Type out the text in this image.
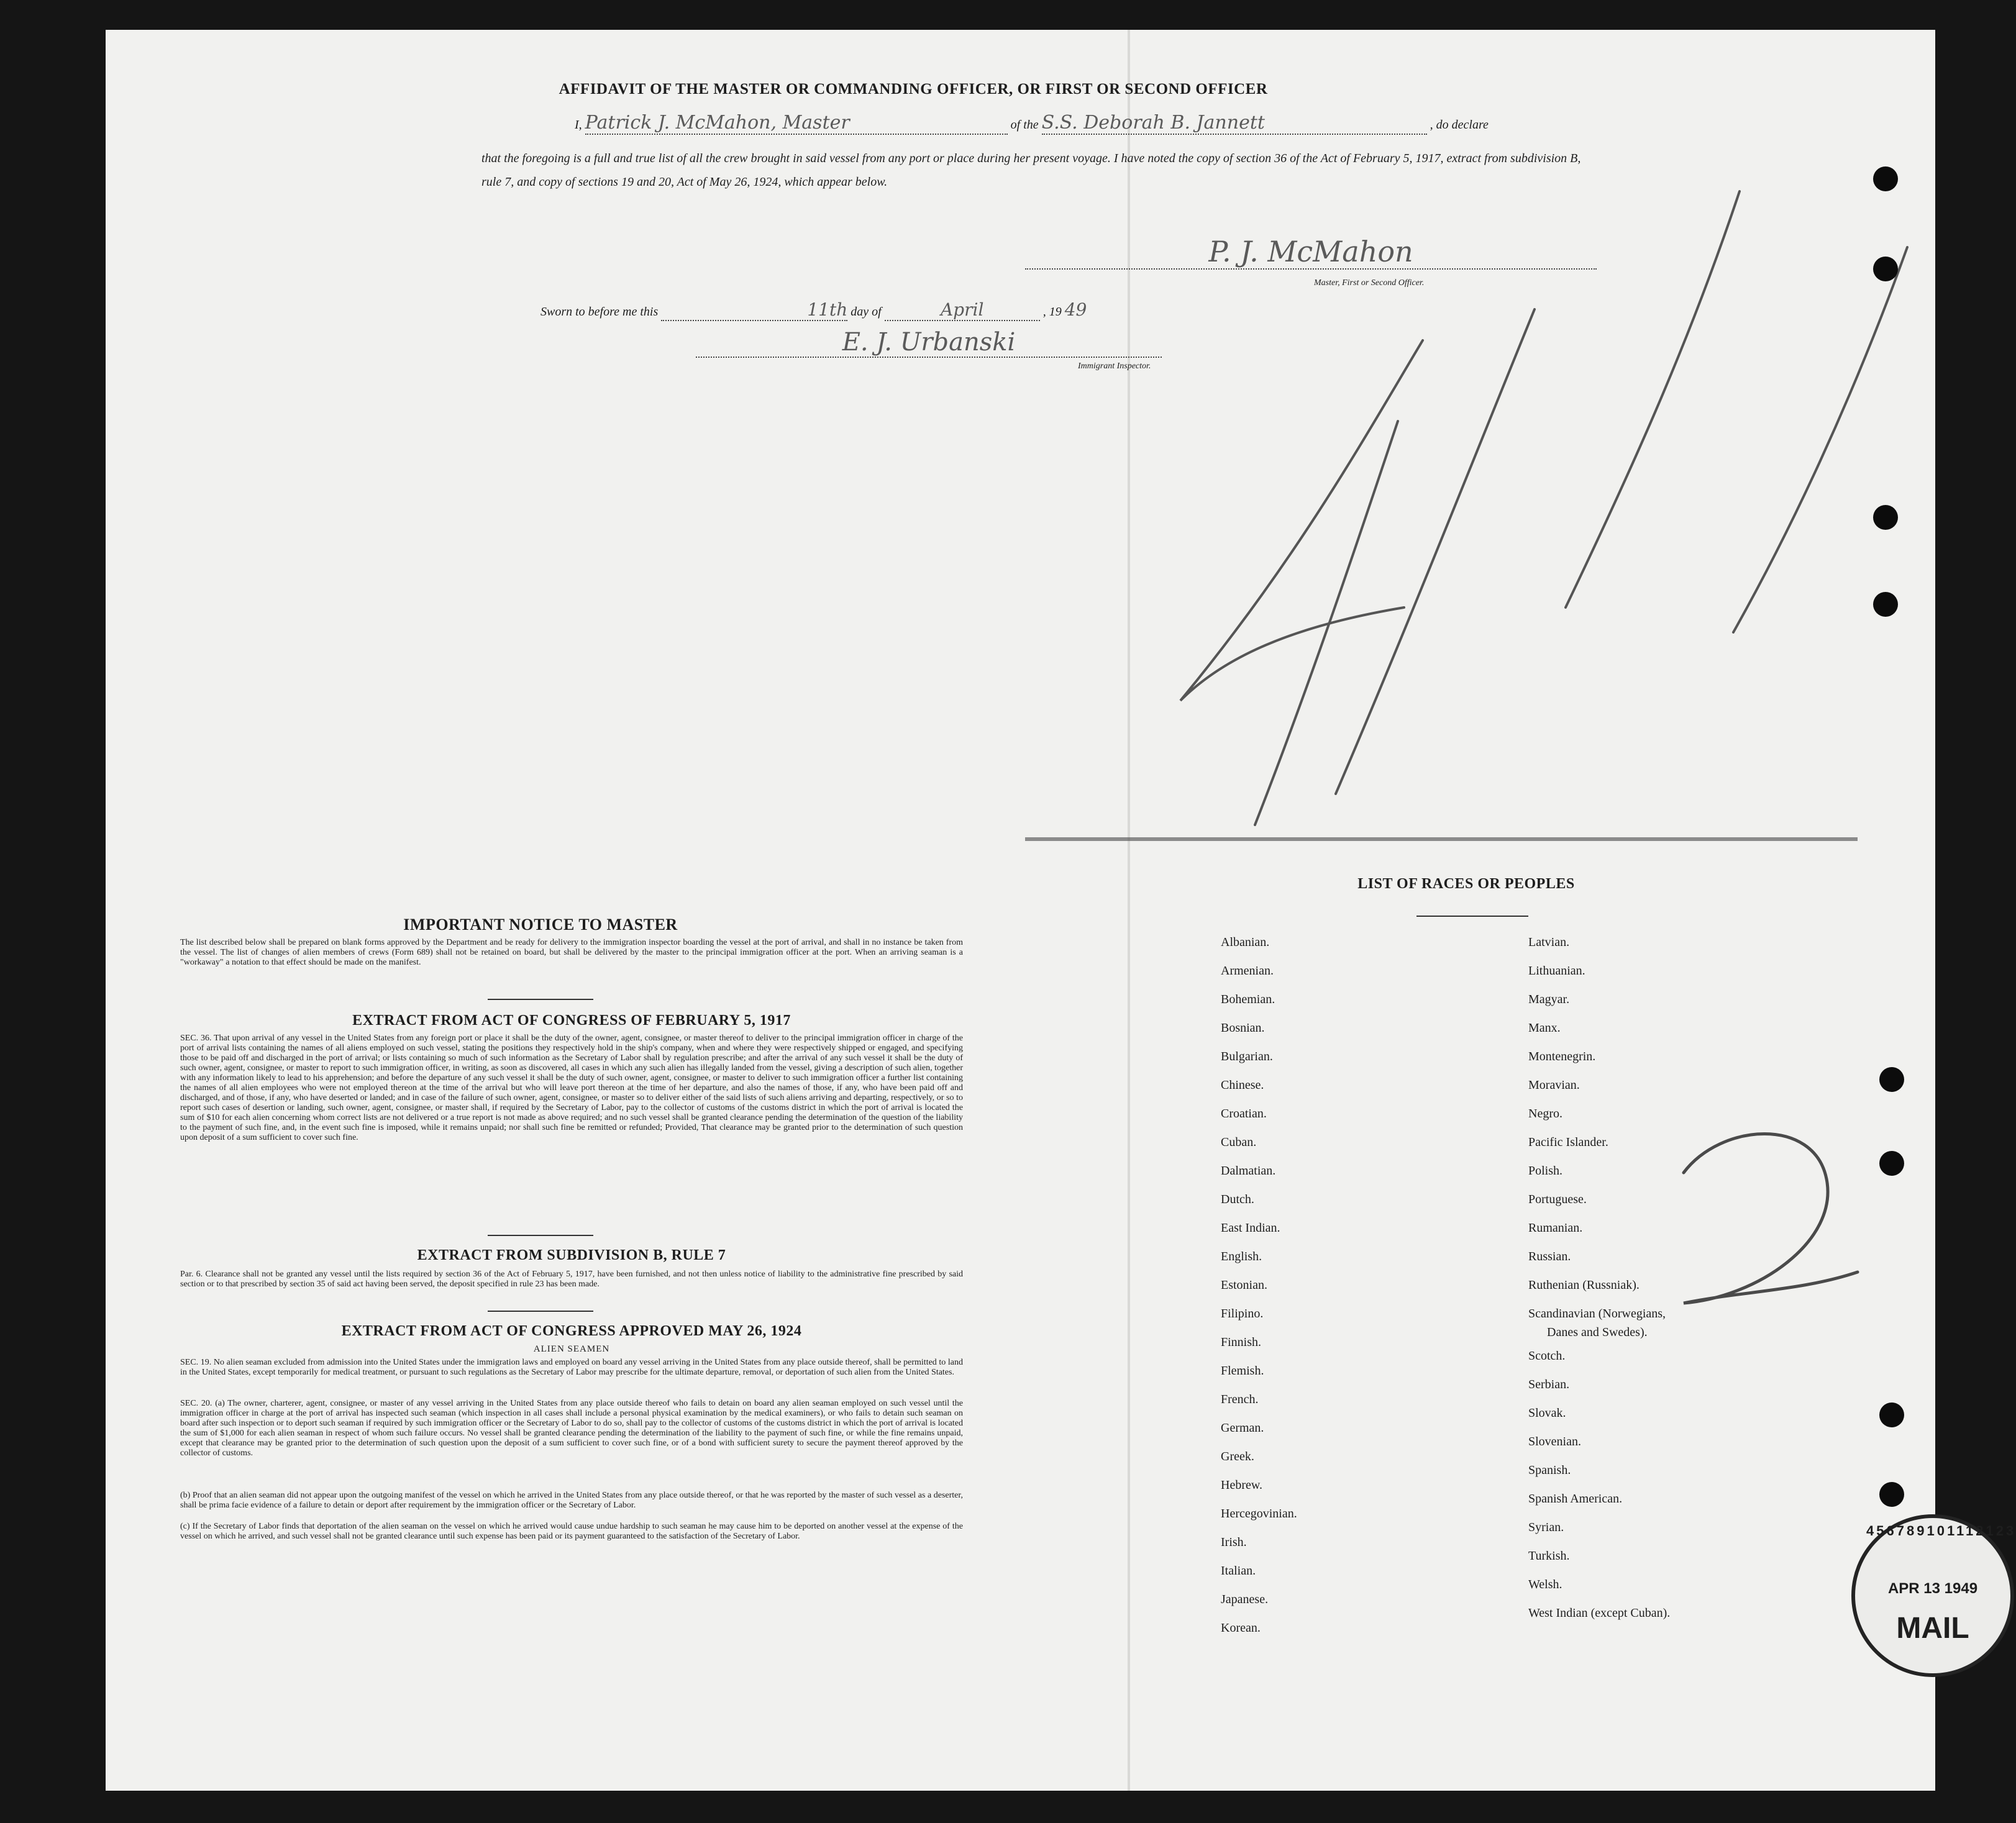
AFFIDAVIT OF THE MASTER OR COMMANDING OFFICER, OR FIRST OR SECOND OFFICER
I, Patrick J. McMahon, Master	of the S.S. Deborah B. Jannett	, do declare
that the foregoing is a full and true list of all the crew brought in said vessel from any port or place during her present voyage. I have noted the copy of section 36 of the Act of February 5, 1917, extract from subdivision B, rule 7, and copy of sections 19 and 20, Act of May 26, 1924, which appear below.
P. J. McMahon
Master, First or Second Officer.
Sworn to before me this	11th day of	April	, 19 49
E. J. Urbanski
Immigrant Inspector.
4111
IMPORTANT NOTICE TO MASTER
The list described below shall be prepared on blank forms approved by the Department and be ready for delivery to the immigration inspector boarding the vessel at the port of arrival, and shall in no instance be taken from the vessel. The list of changes of alien members of crews (Form 689) shall not be retained on board, but shall be delivered by the master to the principal immigration officer at the port. When an arriving seaman is a "workaway" a notation to that effect should be made on the manifest.
EXTRACT FROM ACT OF CONGRESS OF FEBRUARY 5, 1917
SEC. 36. That upon arrival of any vessel in the United States from any foreign port or place it shall be the duty of the owner, agent, consignee, or master thereof to deliver to the principal immigration officer in charge of the port of arrival lists containing the names of all aliens employed on such vessel, stating the positions they respectively hold in the ship's company, when and where they were respectively shipped or engaged, and specifying those to be paid off and discharged in the port of arrival; or lists containing so much of such information as the Secretary of Labor shall by regulation prescribe; and after the arrival of any such vessel it shall be the duty of such owner, agent, consignee, or master to report to such immigration officer, in writing, as soon as discovered, all cases in which any such alien has illegally landed from the vessel, giving a description of such alien, together with any information likely to lead to his apprehension; and before the departure of any such vessel it shall be the duty of such owner, agent, consignee, or master to deliver to such immigration officer a further list containing the names of all alien employees who were not employed thereon at the time of the arrival but who will leave port thereon at the time of her departure, and also the names of those, if any, who have been paid off and discharged, and of those, if any, who have deserted or landed; and in case of the failure of such owner, agent, consignee, or master so to deliver either of the said lists of such aliens arriving and departing, respectively, or so to report such cases of desertion or landing, such owner, agent, consignee, or master shall, if required by the Secretary of Labor, pay to the collector of customs of the customs district in which the port of arrival is located the sum of $10 for each alien concerning whom correct lists are not delivered or a true report is not made as above required; and no such vessel shall be granted clearance pending the determination of the question of the liability to the payment of such fine, and, in the event such fine is imposed, while it remains unpaid; nor shall such fine be remitted or refunded; Provided, That clearance may be granted prior to the determination of such question upon deposit of a sum sufficient to cover such fine.
EXTRACT FROM SUBDIVISION B, RULE 7
Par. 6. Clearance shall not be granted any vessel until the lists required by section 36 of the Act of February 5, 1917, have been furnished, and not then unless notice of liability to the administrative fine prescribed by said section or to that prescribed by section 35 of said act having been served, the deposit specified in rule 23 has been made.
EXTRACT FROM ACT OF CONGRESS APPROVED MAY 26, 1924
ALIEN SEAMEN
SEC. 19. No alien seaman excluded from admission into the United States under the immigration laws and employed on board any vessel arriving in the United States from any place outside thereof, shall be permitted to land in the United States, except temporarily for medical treatment, or pursuant to such regulations as the Secretary of Labor may prescribe for the ultimate departure, removal, or deportation of such alien from the United States.
SEC. 20. (a) The owner, charterer, agent, consignee, or master of any vessel arriving in the United States from any place outside thereof who fails to detain on board any alien seaman employed on such vessel until the immigration officer in charge at the port of arrival has inspected such seaman (which inspection in all cases shall include a personal physical examination by the medical examiners), or who fails to detain such seaman on board after such inspection or to deport such seaman if required by such immigration officer or the Secretary of Labor to do so, shall pay to the collector of customs of the customs district in which the port of arrival is located the sum of $1,000 for each alien seaman in respect of whom such failure occurs. No vessel shall be granted clearance pending the determination of the liability to the payment of such fine, or while the fine remains unpaid, except that clearance may be granted prior to the determination of such question upon the deposit of a sum sufficient to cover such fine, or of a bond with sufficient surety to secure the payment thereof approved by the collector of customs.
(b) Proof that an alien seaman did not appear upon the outgoing manifest of the vessel on which he arrived in the United States from any place outside thereof, or that he was reported by the master of such vessel as a deserter, shall be prima facie evidence of a failure to detain or deport after requirement by the immigration officer or the Secretary of Labor.
(c) If the Secretary of Labor finds that deportation of the alien seaman on the vessel on which he arrived would cause undue hardship to such seaman he may cause him to be deported on another vessel at the expense of the vessel on which he arrived, and such vessel shall not be granted clearance until such expense has been paid or its payment guaranteed to the satisfaction of the Secretary of Labor.
LIST OF RACES OR PEOPLES
Albanian.
Armenian.
Bohemian.
Bosnian.
Bulgarian.
Chinese.
Croatian.
Cuban.
Dalmatian.
Dutch.
East Indian.
English.
Estonian.
Filipino.
Finnish.
Flemish.
French.
German.
Greek.
Hebrew.
Hercegovinian.
Irish.
Italian.
Japanese.
Korean.
Latvian.
Lithuanian.
Magyar.
Manx.
Montenegrin.
Moravian.
Negro.
Pacific Islander.
Polish.
Portuguese.
Rumanian.
Russian.
Ruthenian (Russniak).
Scandinavian (Norwegians,
Danes and Swedes).
Scotch.
Serbian.
Slovak.
Slovenian.
Spanish.
Spanish American.
Syrian.
Turkish.
Welsh.
West Indian (except Cuban).
2
456789101112123
APR 13 1949
MAIL
